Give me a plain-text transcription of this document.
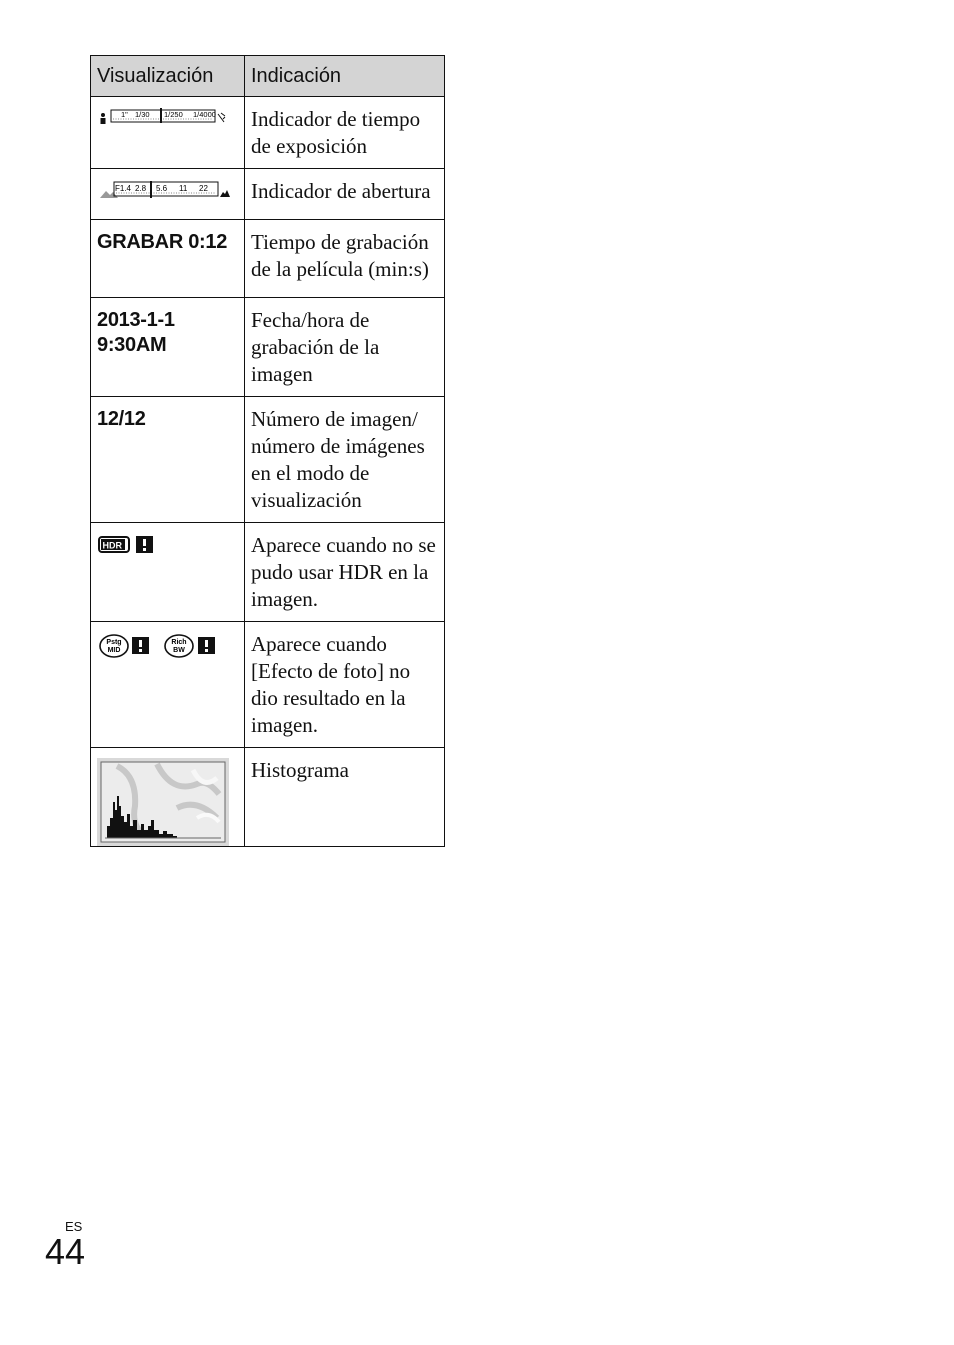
Visualización	Indicación

1" 1/30 1/250 1/4000	Indicador de tiempo de exposición

F1.4 2.8 5.6 11 22	Indicador de abertura

GRABAR 0:12	Tiempo de grabación de la película (min:s)

2013-1-1
9:30AM	Fecha/hora de grabación de la imagen

12/12	Número de imagen/ número de imágenes en el modo de visualización

HDR	Aparece cuando no se pudo usar HDR en la imagen.

Pstg
MID
Rich
BW	Aparece cuando [Efecto de foto] no dio resultado en la imagen.

	Histograma
ES
44
